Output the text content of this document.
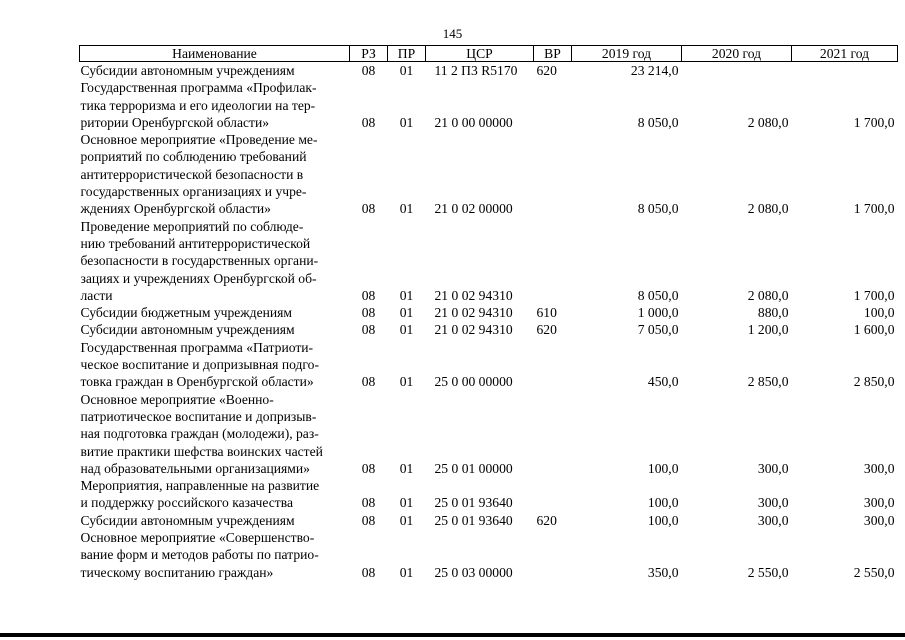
145
Наименование	РЗ	ПР	ЦСР	ВР	2019 год	2020 год	2021 год
Субсидии автономным учреждениям	08	01	11 2 П3 R5170	620	23 214,0		
Государственная программа «Профилак-
тика терроризма и его идеологии на тер-
ритории Оренбургской области»	08	01	21 0 00 00000		8 050,0	2 080,0	1 700,0
Основное мероприятие «Проведение ме-
роприятий по соблюдению требований
антитеррористической безопасности в
государственных организациях и учре-
ждениях Оренбургской области»	08	01	21 0 02 00000		8 050,0	2 080,0	1 700,0
Проведение мероприятий по соблюде-
нию требований антитеррористической
безопасности в государственных органи-
зациях и учреждениях Оренбургской об-
ласти	08	01	21 0 02 94310		8 050,0	2 080,0	1 700,0
Субсидии бюджетным учреждениям	08	01	21 0 02 94310	610	1 000,0	880,0	100,0
Субсидии автономным учреждениям	08	01	21 0 02 94310	620	7 050,0	1 200,0	1 600,0
Государственная программа «Патриоти-
ческое воспитание и допризывная подго-
товка граждан в Оренбургской области»	08	01	25 0 00 00000		450,0	2 850,0	2 850,0
Основное мероприятие «Военно-
патриотическое воспитание и допризыв-
ная подготовка граждан (молодежи), раз-
витие практики шефства воинских частей
над образовательными организациями»	08	01	25 0 01 00000		100,0	300,0	300,0
Мероприятия, направленные на развитие
и поддержку российского казачества	08	01	25 0 01 93640		100,0	300,0	300,0
Субсидии автономным учреждениям	08	01	25 0 01 93640	620	100,0	300,0	300,0
Основное мероприятие «Совершенство-
вание форм и методов работы по патрио-
тическому воспитанию граждан»	08	01	25 0 03 00000		350,0	2 550,0	2 550,0
